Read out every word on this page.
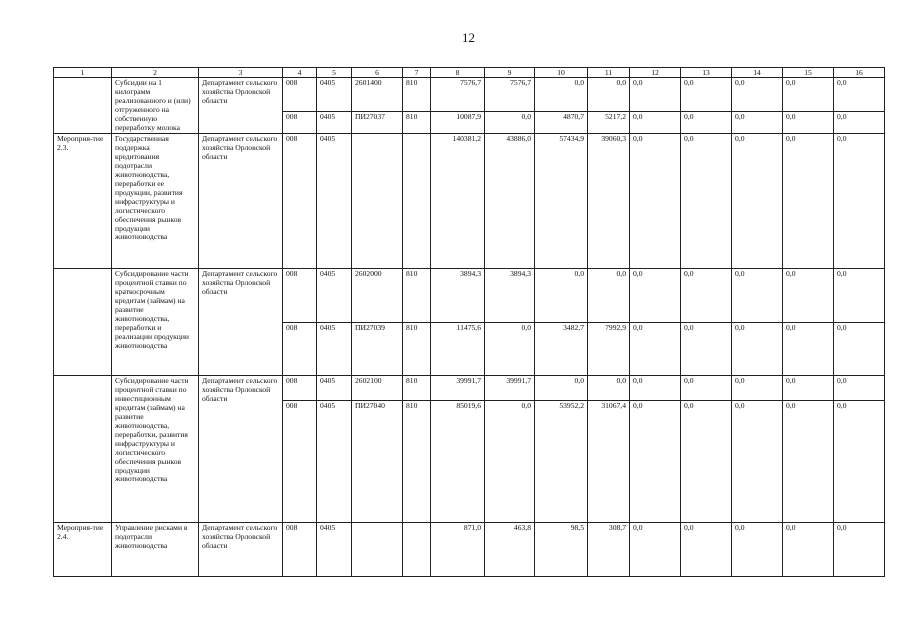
12
1	2	3	4	5	6	7	8	9	10	11	12	13	14	15	16
	Субсидии на 1 килограмм реализованного и (или) отгруженного на собственную переработку молока	Департамент сельского хозяйства Орловской области	008	0405	2601400	810	7576,7	7576,7	0,0	0,0	0,0	0,0	0,0	0,0	0,0
			008	0405	ПИ27037	810	10087,9	0,0	4870,7	5217,2	0,0	0,0	0,0	0,0	0,0
Мероприя-тие 2.3.	Государственная поддержка кредитования подотрасли животноводства, переработки ее продукции, развития инфраструктуры и логистического обеспечения рынков продукции животноводства	Департамент сельского хозяйства Орловской области	008	0405			140381,2	43886,0	57434,9	39060,3	0,0	0,0	0,0	0,0	0,0
	Субсидирование части процентной ставки по краткосрочным кредитам (займам) на развитие животноводства, переработки и реализации продукции животноводства	Департамент сельского хозяйства Орловской области	008	0405	2602000	810	3894,3	3894,3	0,0	0,0	0,0	0,0	0,0	0,0	0,0
			008	0405	ПИ27039	810	11475,6	0,0	3482,7	7992,9	0,0	0,0	0,0	0,0	0,0
	Субсидирование части процентной ставки по инвестиционным кредитам (займам) на развитие животноводства, переработки, развития инфраструктуры и логистического обеспечения рынков продукции животноводства	Департамент сельского хозяйства Орловской области	008	0405	2602100	810	39991,7	39991,7	0,0	0,0	0,0	0,0	0,0	0,0	0,0
			008	0405	ПИ27040	810	85019,6	0,0	53952,2	31067,4	0,0	0,0	0,0	0,0	0,0
Мероприя-тие 2.4.	Управление рисками в подотрасли животноводства	Департамент сельского хозяйства Орловской области	008	0405			871,0	463,8	98,5	308,7	0,0	0,0	0,0	0,0	0,0
